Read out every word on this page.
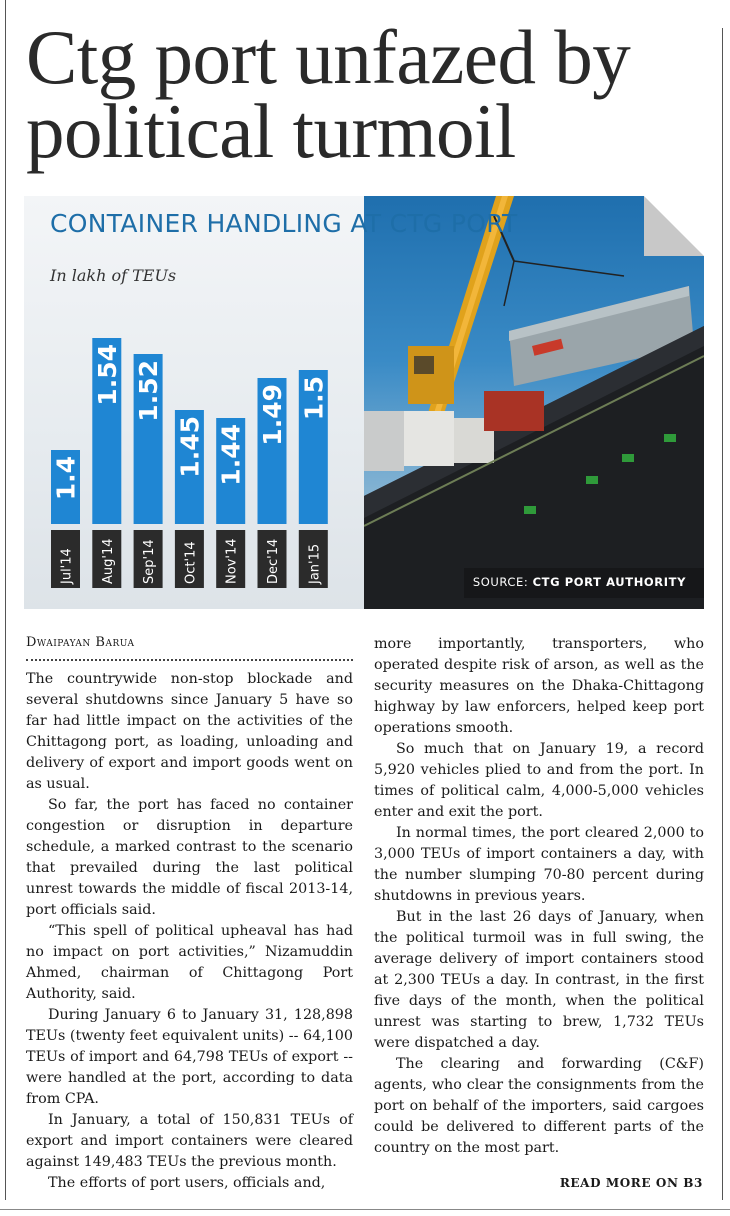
Ctg port unfazed by political turmoil
CONTAINER HANDLING AT CTG PORT
In lakh of TEUs
1.4
Jul'14
1.54
Aug'14
1.52
Sep'14
1.45
Oct'14
1.44
Nov'14
1.49
Dec'14
1.5
Jan'15	SOURCE: CTG PORT AUTHORITY
Dwaipayan Barua

The countrywide non-stop blockade and several shutdowns since January 5 have so far had little impact on the activities of the Chittagong port, as loading, unloading and delivery of export and import goods went on as usual.

So far, the port has faced no container congestion or disruption in departure schedule, a marked contrast to the scenario that prevailed during the last political unrest towards the middle of fiscal 2013-14, port officials said.

“This spell of political upheaval has had no impact on port activities,” Nizamuddin Ahmed, chairman of Chittagong Port Authority, said.

During January 6 to January 31, 128,898 TEUs (twenty feet equivalent units) -- 64,100 TEUs of import and 64,798 TEUs of export -- were handled at the port, according to data from CPA.

In January, a total of 150,831 TEUs of export and import containers were cleared against 149,483 TEUs the previous month.

The efforts of port users, officials and,

more importantly, transporters, who operated despite risk of arson, as well as the security measures on the Dhaka-Chittagong highway by law enforcers, helped keep port operations smooth.

So much that on January 19, a record 5,920 vehicles plied to and from the port. In times of political calm, 4,000-5,000 vehicles enter and exit the port.

In normal times, the port cleared 2,000 to 3,000 TEUs of import containers a day, with the number slumping 70-80 percent during shutdowns in previous years.

But in the last 26 days of January, when the political turmoil was in full swing, the average delivery of import containers stood at 2,300 TEUs a day. In contrast, in the first five days of the month, when the political unrest was starting to brew, 1,732 TEUs were dispatched a day.

The clearing and forwarding (C&F) agents, who clear the consignments from the port on behalf of the importers, said cargoes could be delivered to different parts of the country on the most part.

READ MORE ON B3
